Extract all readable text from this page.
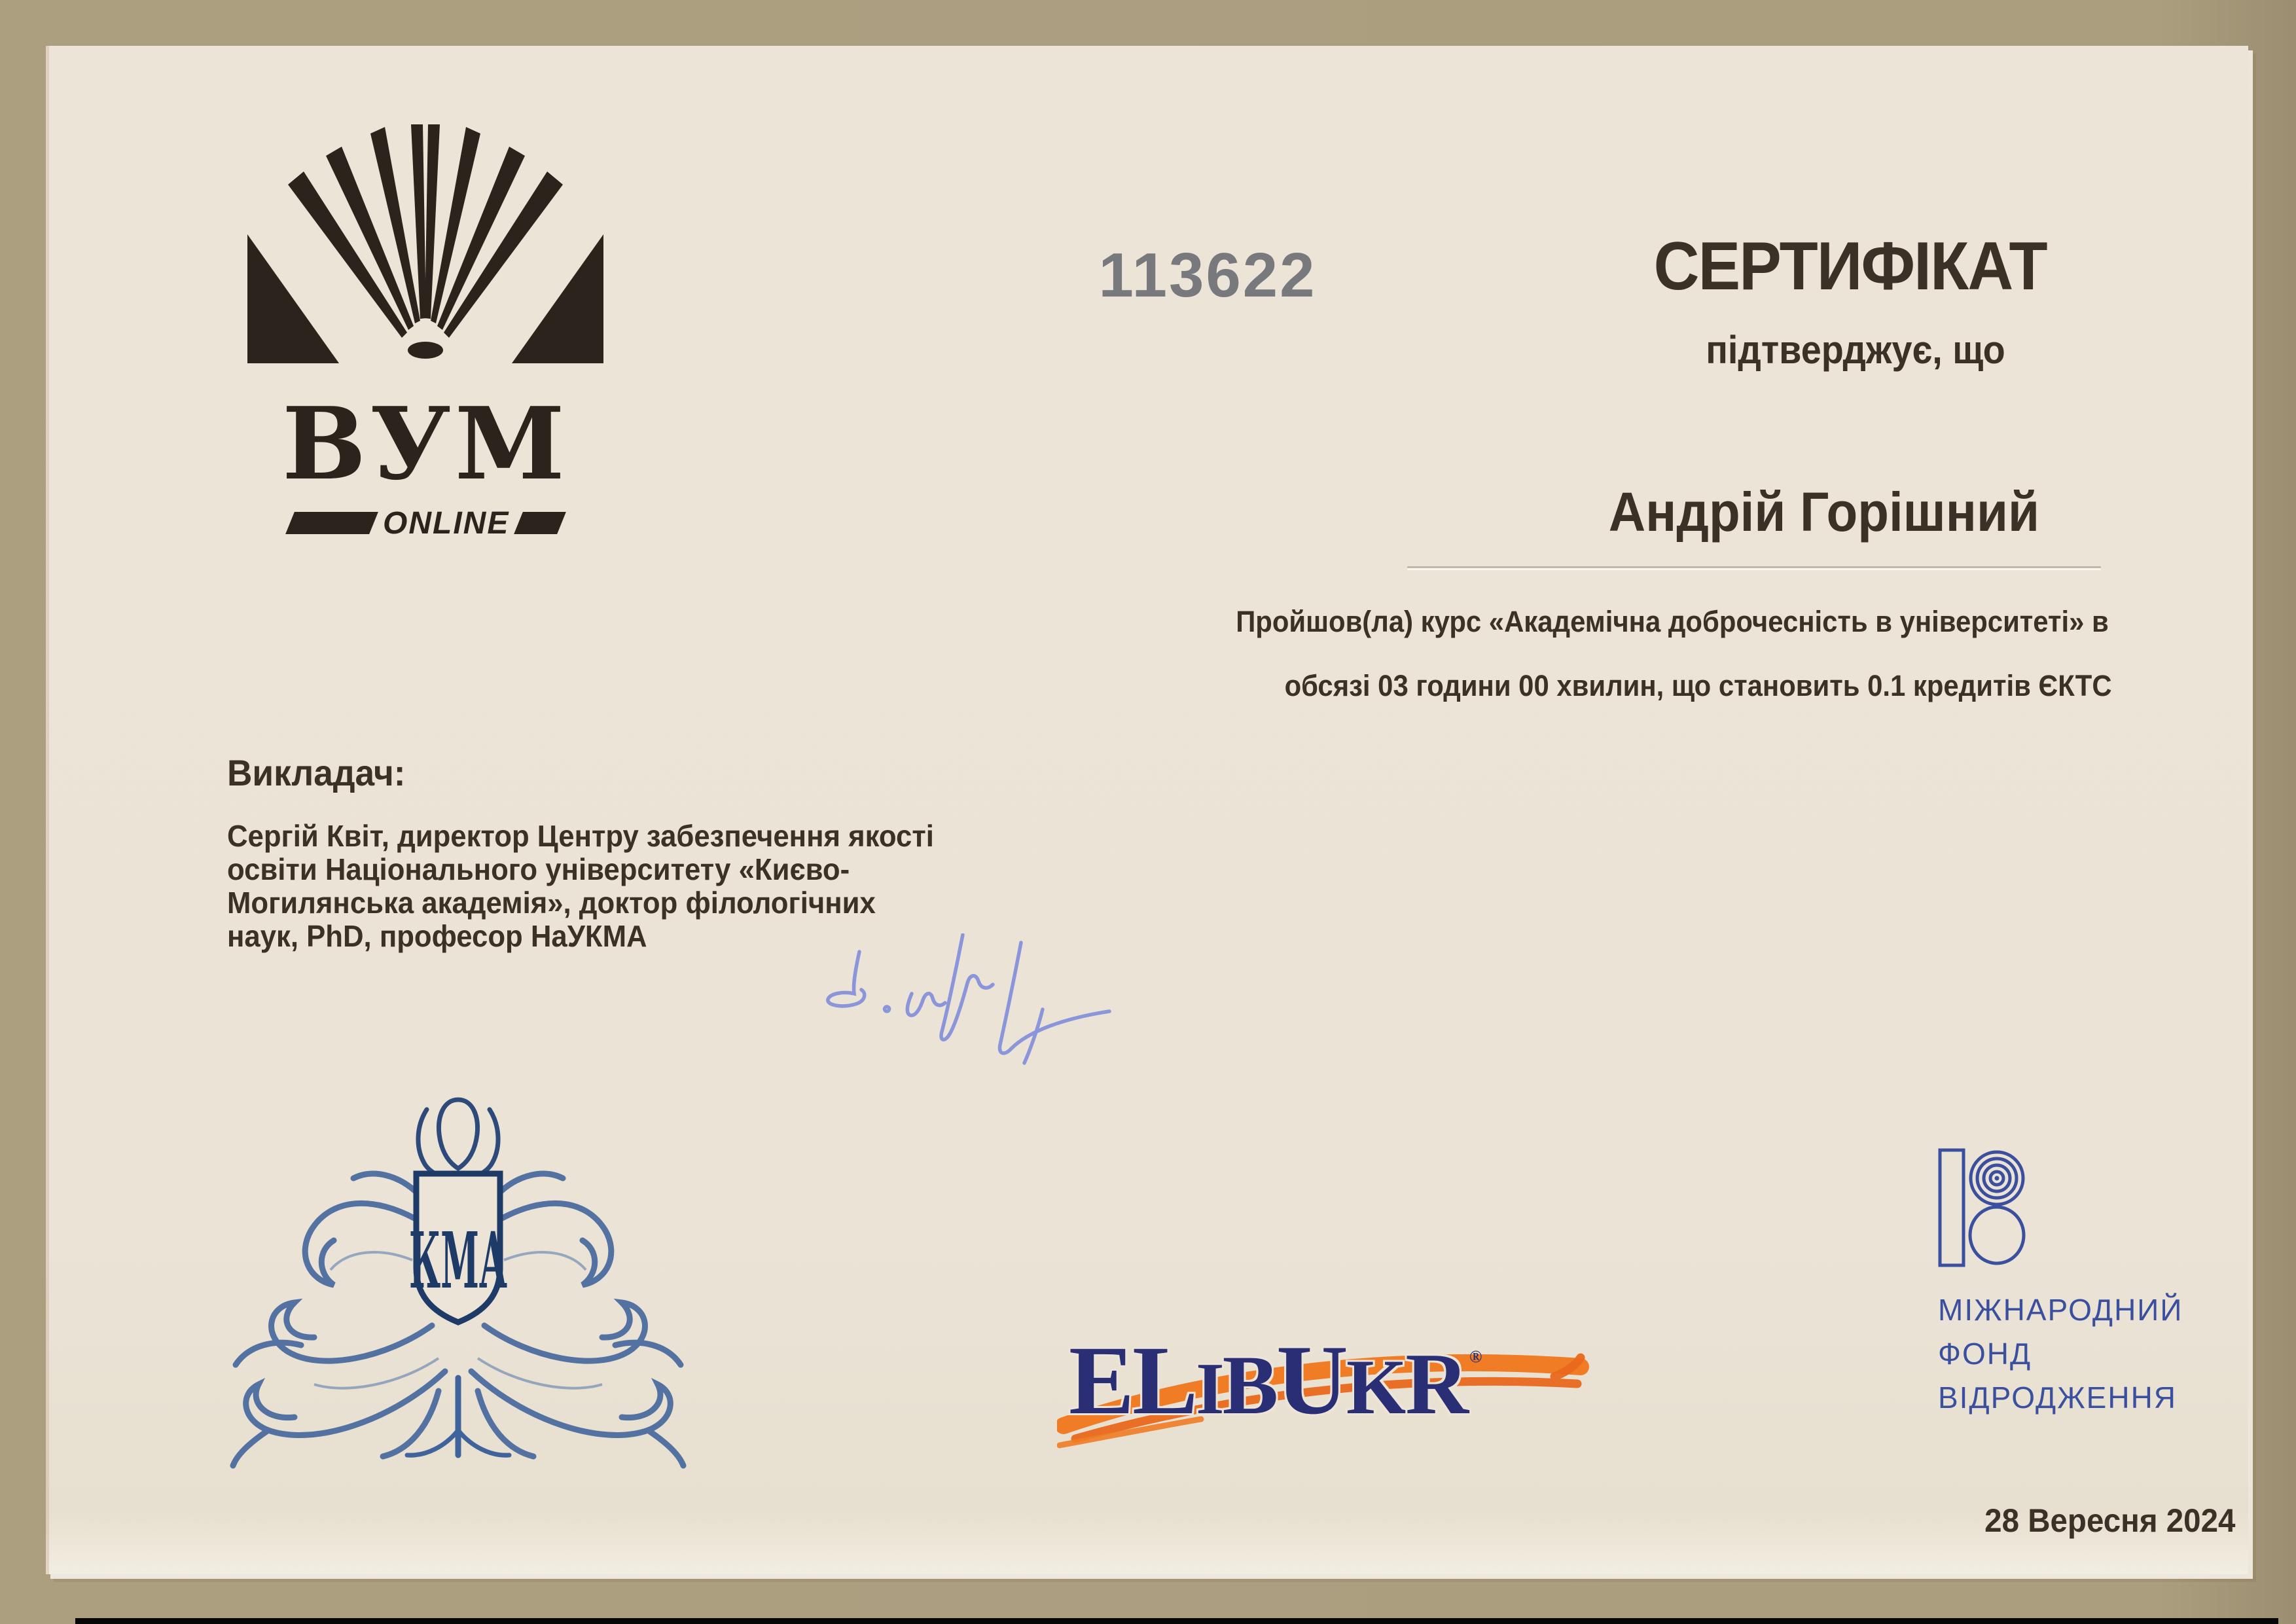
ВУМ
ONLINE
113622	СЕРТИФІКАТ
підтверджує, що
Андрій Горішний
Пройшов(ла) курс «Академічна доброчесність в університеті» в
обсязі 03 години 00 хвилин, що становить 0.1 кредитів ЄКТС
Викладач:
Сергій Квіт, директор Центру забезпечення якості
освіти Національного університету «Києво-
Могилянська академія», доктор філологічних
наук, PhD, професор НаУКМА
КМА
E
L
I
B
U
K
R ®
МІЖНАРОДНИЙ
ФОНД
ВІДРОДЖЕННЯ
28 Вересня 2024
